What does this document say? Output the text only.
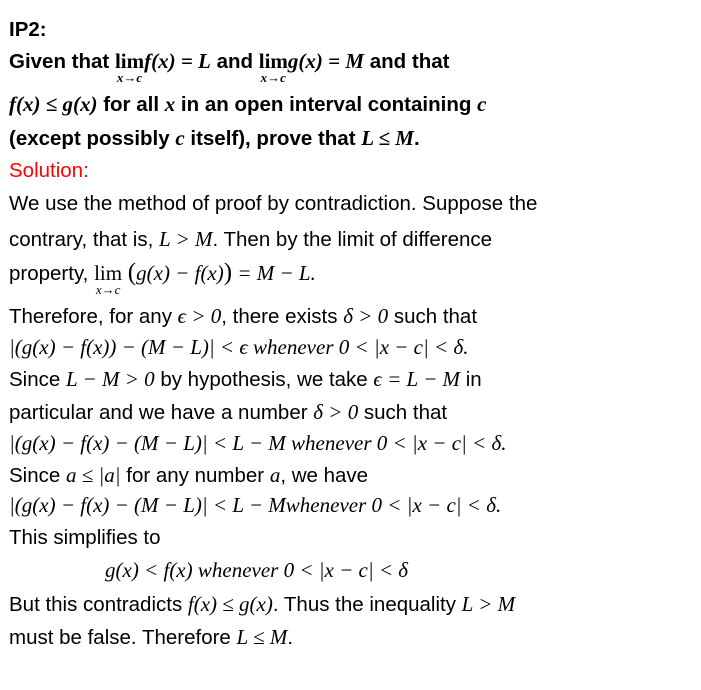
IP2:
Given that lim
x→c
f(x) = L and lim
x→c
g(x) = M and that
f(x) ≤ g(x) for all x in an open interval containing c
(except possibly c itself), prove that L ≤ M.
Solution:
We use the method of proof by contradiction. Suppose the
contrary, that is, L > M. Then by the limit of difference
property, lim
x→c
(g(x) − f(x)) = M − L.
Therefore, for any ϵ > 0, there exists δ > 0 such that
|(g(x) − f(x)) − (M − L)| < ϵ whenever 0 < |x − c| < δ.
Since L − M > 0 by hypothesis, we take ϵ = L − M in
particular and we have a number δ > 0 such that
|(g(x) − f(x) − (M − L)| < L − M whenever 0 < |x − c| < δ.
Since a ≤ |a| for any number a, we have
|(g(x) − f(x) − (M − L)| < L − Mwhenever 0 < |x − c| < δ.
This simplifies to
g(x) < f(x) whenever 0 < |x − c| < δ
But this contradicts f(x) ≤ g(x). Thus the inequality L > M
must be false. Therefore L ≤ M.
